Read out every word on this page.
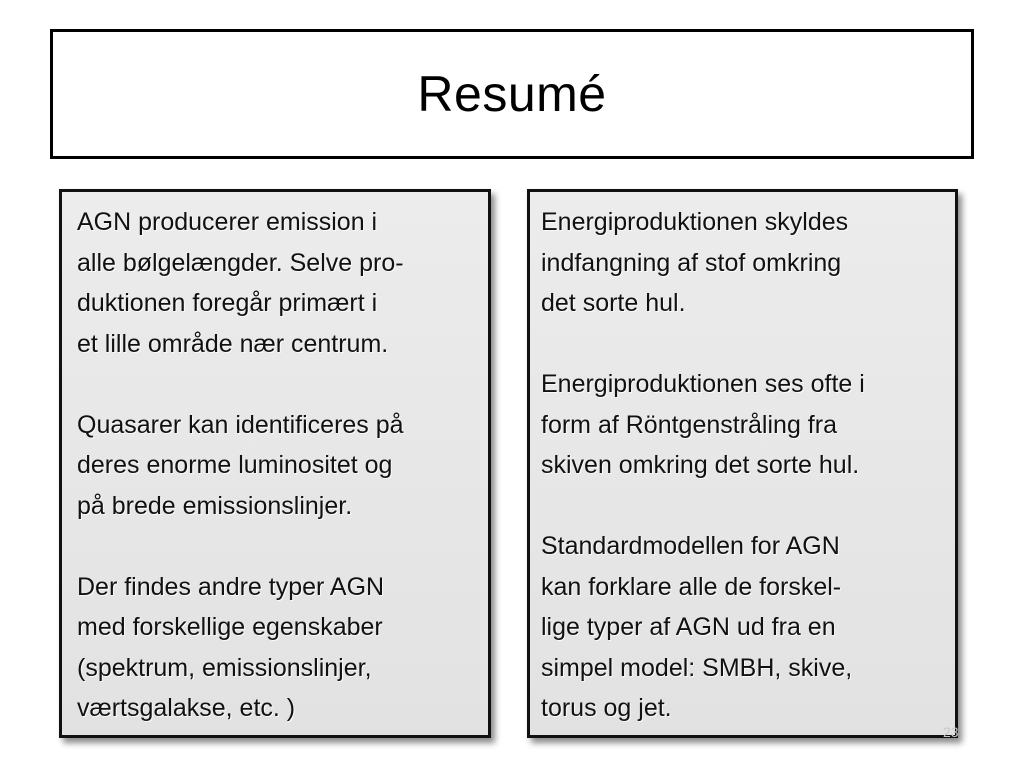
Resumé

AGN producerer emission i
alle bølgelængder. Selve pro-
duktionen foregår primært i
et lille område nær centrum.

Quasarer kan identificeres på
deres enorme luminositet og
på brede emissionslinjer.

Der findes andre typer AGN
med forskellige egenskaber
(spektrum, emissionslinjer,
værtsgalakse, etc. )

Energiproduktionen skyldes
indfangning af stof omkring
det sorte hul.

Energiproduktionen ses ofte i
form af Röntgenstråling fra
skiven omkring det sorte hul.

Standardmodellen for AGN
kan forklare alle de forskel-
lige typer af AGN ud fra en
simpel model: SMBH, skive,
torus og jet.

23
